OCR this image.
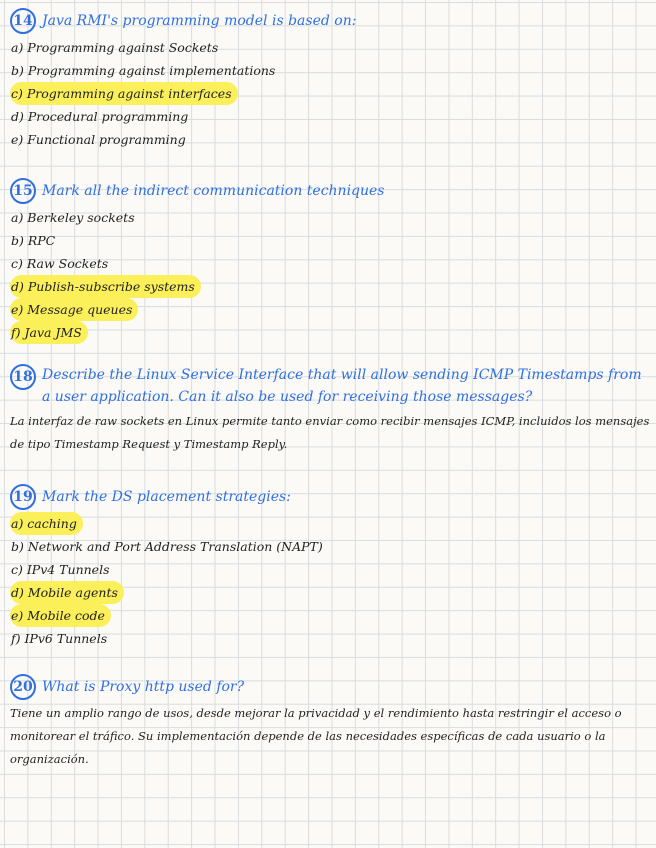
14 Java RMI's programming model is based on:
a) Programming against Sockets
b) Programming against implementations
c) Programming against interfaces
d) Procedural programming
e) Functional programming
15 Mark all the indirect communication techniques
a) Berkeley sockets
b) RPC
c) Raw Sockets
d) Publish-subscribe systems
e) Message queues
f) Java JMS
18 Describe the Linux Service Interface that will allow sending ICMP Timestamps from a user application. Can it also be used for receiving those messages?
La interfaz de raw sockets en Linux permite tanto enviar como recibir mensajes ICMP, incluidos los mensajes de tipo Timestamp Request y Timestamp Reply.
19 Mark the DS placement strategies:
a) caching
b) Network and Port Address Translation (NAPT)
c) IPv4 Tunnels
d) Mobile agents
e) Mobile code
f) IPv6 Tunnels
20 What is Proxy http used for?
Tiene un amplio rango de usos, desde mejorar la privacidad y el rendimiento hasta restringir el acceso o monitorear el tráfico. Su implementación depende de las necesidades específicas de cada usuario o la organización.
